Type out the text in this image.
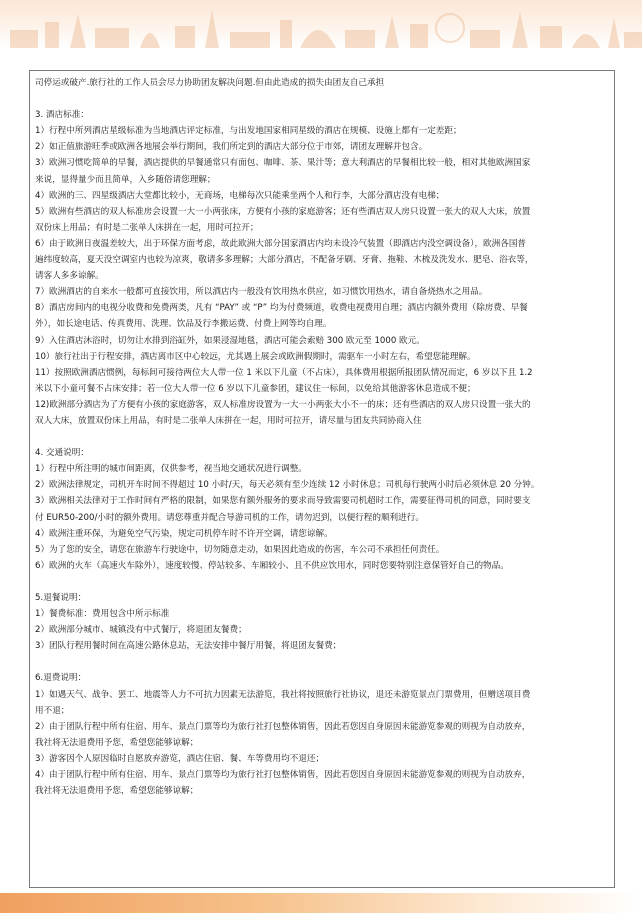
司停运或破产.旅行社的工作人员会尽力协助团友解决问题.但由此造成的损失由团友自己承担
3. 酒店标准：
1）行程中所列酒店星级标准为当地酒店评定标准，与出发地国家相同星级的酒店在规模、设施上都有一定差距；
2）如正值旅游旺季或欧洲各地展会举行期间，我们所定到的酒店大部分位于市郊，请团友理解并包含。
3）欧洲习惯吃简单的早餐，酒店提供的早餐通常只有面包、咖啡、茶、果汁等；意大利酒店的早餐相比较一般，相对其他欧洲国家
来说，显得量少而且简单，入乡随俗请您理解；
4）欧洲的三、四星级酒店大堂都比较小，无商场，电梯每次只能乘坐两个人和行李，大部分酒店没有电梯；
5）欧洲有些酒店的双人标准房会设置一大一小两张床，方便有小孩的家庭游客；还有些酒店双人房只设置一张大的双人大床，放置
双份床上用品；有时是二张单人床拼在一起，用时可拉开；
6）由于欧洲日夜温差较大，出于环保方面考虑，故此欧洲大部分国家酒店内均未设冷气装置（即酒店内没空调设备），欧洲各国普
遍纬度较高，夏天没空调室内也较为凉爽，敬请多多理解；大部分酒店，不配备牙刷、牙膏、拖鞋、木梳及洗发水、肥皂、浴衣等，
请客人多多谅解。
7）欧洲酒店的自来水一般都可直接饮用，所以酒店内一般没有饮用热水供应，如习惯饮用热水，请自备烧热水之用品。
8）酒店房间内的电视分收费和免费两类，凡有 “PAY” 或 “P” 均为付费频道，收费电视费用自理；酒店内额外费用（除房费、早餐
外），如长途电话、传真费用、洗理、饮品及行李搬运费、付费上网等均自理。
9）入住酒店沐浴时，切勿让水排到浴缸外，如果浸湿地毯，酒店可能会索赔 300 欧元至 1000 欧元。
10）旅行社出于行程安排，酒店离市区中心较远，尤其遇上展会或欧洲假期时，需驱车一小时左右，希望您能理解。
11）按照欧洲酒店惯例，每标间可接待两位大人带一位 1 米以下儿童（不占床），具体费用根据所报团队情况而定，6 岁以下且 1.2
米以下小童可餐不占床安排；若一位大人带一位 6 岁以下儿童参团，建议住一标间，以免给其他游客休息造成不便；
12)欧洲部分酒店为了方便有小孩的家庭游客，双人标准房设置为一大一小两张大小不一的床；还有些酒店的双人房只设置一张大的
双人大床，放置双份床上用品，有时是二张单人床拼在一起，用时可拉开，请尽量与团友共同协商入住
4. 交通说明：
1）行程中所注明的城市间距离，仅供参考，视当地交通状况进行调整。
2）欧洲法律规定，司机开车时间不得超过 10 小时/天，每天必须有至少连续 12 小时休息；司机每行驶两小时后必须休息 20 分钟。
3）欧洲相关法律对于工作时间有严格的限制，如果您有额外服务的要求而导致需要司机超时工作，需要征得司机的同意，同时要支
付 EUR50-200/小时的额外费用。请您尊重并配合导游司机的工作，请勿迟到，以便行程的顺利进行。
4）欧洲注重环保，为避免空气污染，规定司机停车时不许开空调，请您谅解。
5）为了您的安全，请您在旅游车行驶途中，切勿随意走动，如果因此造成的伤害，车公司不承担任何责任。
6）欧洲的火车（高速火车除外），速度较慢、停站较多、车厢较小、且不供应饮用水，同时您要特别注意保管好自己的物品。
5.退餐说明：
1）餐费标准：费用包含中所示标准
2）欧洲部分城市、城镇没有中式餐厅，将退团友餐费；
3）团队行程用餐时间在高速公路休息站，无法安排中餐厅用餐，将退团友餐费；
6.退费说明：
1）如遇天气、战争、罢工、地震等人力不可抗力因素无法游览，我社将按照旅行社协议，退还未游览景点门票费用，但赠送项目费
用不退；
2）由于团队行程中所有住宿、用车、景点门票等均为旅行社打包整体销售，因此若您因自身原因未能游览参观的则视为自动放弃，
我社将无法退费用予您，希望您能够谅解；
3）游客因个人原因临时自愿放弃游览，酒店住宿、餐、车等费用均不退还；
4）由于团队行程中所有住宿、用车、景点门票等均为旅行社打包整体销售，因此若您因自身原因未能游览参观的则视为自动放弃，
我社将无法退费用予您，希望您能够谅解；
